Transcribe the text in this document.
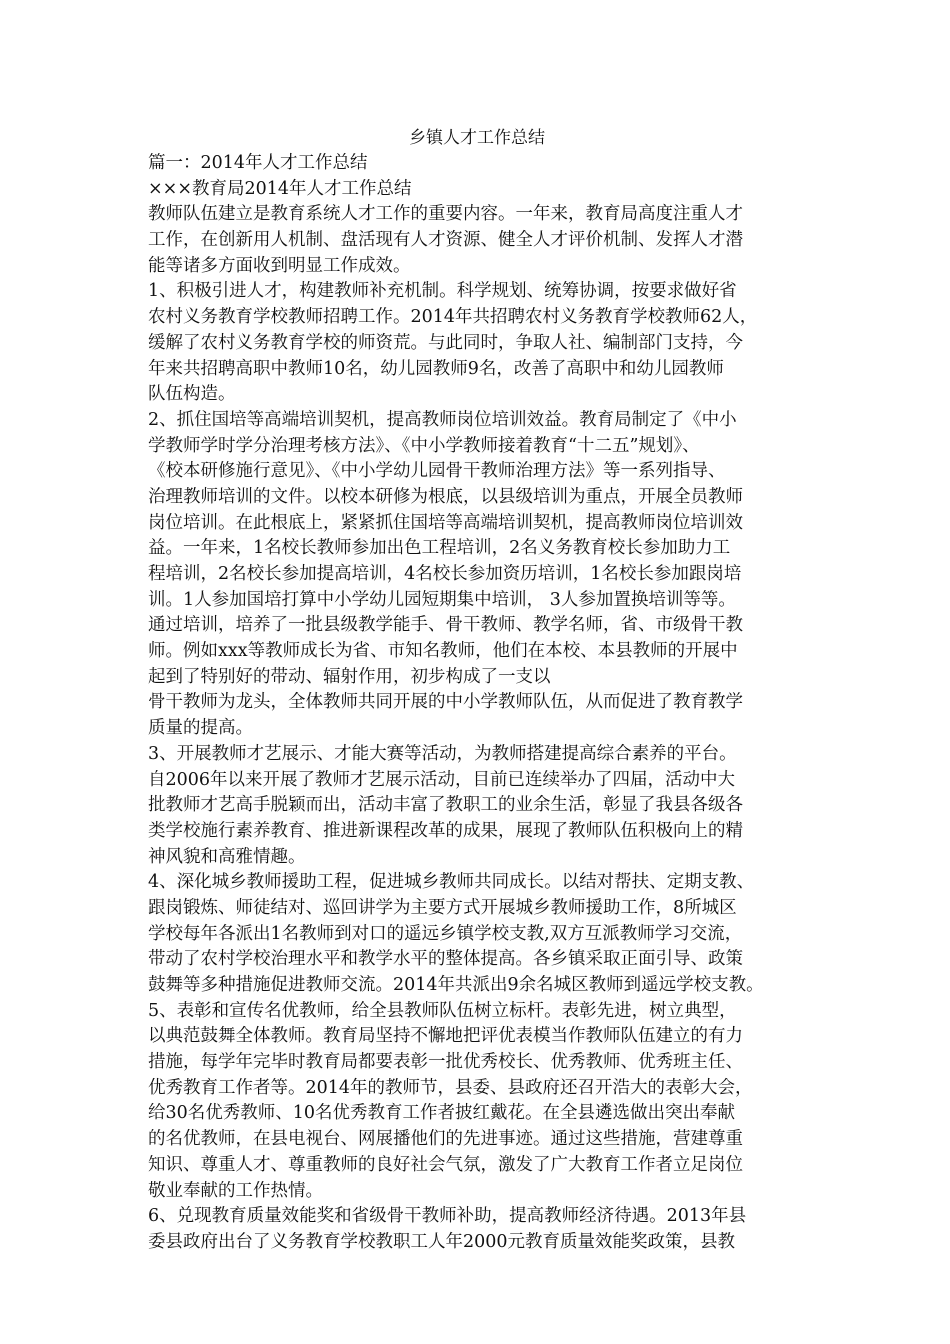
乡镇人才工作总结
篇一：2014年人才工作总结
×××教育局2014年人才工作总结
教师队伍建立是教育系统人才工作的重要内容。一年来，教育局高度注重人才
工作，在创新用人机制、盘活现有人才资源、健全人才评价机制、发挥人才潜
能等诸多方面收到明显工作成效。
1、积极引进人才，构建教师补充机制。科学规划、统筹协调，按要求做好省
农村义务教育学校教师招聘工作。2014年共招聘农村义务教育学校教师62人，
缓解了农村义务教育学校的师资荒。与此同时，争取人社、编制部门支持，今
年来共招聘高职中教师10名，幼儿园教师9名，改善了高职中和幼儿园教师
队伍构造。
2、抓住国培等高端培训契机，提高教师岗位培训效益。教育局制定了《中小
学教师学时学分治理考核方法》、《中小学教师接着教育“十二五”规划》、
《校本研修施行意见》、《中小学幼儿园骨干教师治理方法》等一系列指导、
治理教师培训的文件。以校本研修为根底，以县级培训为重点，开展全员教师
岗位培训。在此根底上，紧紧抓住国培等高端培训契机，提高教师岗位培训效
益。一年来，1名校长教师参加出色工程培训，2名义务教育校长参加助力工
程培训，2名校长参加提高培训，4名校长参加资历培训，1名校长参加跟岗培
训。1人参加国培打算中小学幼儿园短期集中培训， 3人参加置换培训等等。
通过培训，培养了一批县级教学能手、骨干教师、教学名师，省、市级骨干教
师。例如xxx等教师成长为省、市知名教师，他们在本校、本县教师的开展中
起到了特别好的带动、辐射作用，初步构成了一支以
骨干教师为龙头，全体教师共同开展的中小学教师队伍，从而促进了教育教学
质量的提高。
3、开展教师才艺展示、才能大赛等活动，为教师搭建提高综合素养的平台。
自2006年以来开展了教师才艺展示活动，目前已连续举办了四届，活动中大
批教师才艺高手脱颖而出，活动丰富了教职工的业余生活，彰显了我县各级各
类学校施行素养教育、推进新课程改革的成果，展现了教师队伍积极向上的精
神风貌和高雅情趣。
4、深化城乡教师援助工程，促进城乡教师共同成长。以结对帮扶、定期支教、
跟岗锻炼、师徒结对、巡回讲学为主要方式开展城乡教师援助工作，8所城区
学校每年各派出1名教师到对口的遥远乡镇学校支教,双方互派教师学习交流，
带动了农村学校治理水平和教学水平的整体提高。各乡镇采取正面引导、政策
鼓舞等多种措施促进教师交流。2014年共派出9余名城区教师到遥远学校支教。
5、表彰和宣传名优教师，给全县教师队伍树立标杆。表彰先进，树立典型，
以典范鼓舞全体教师。教育局坚持不懈地把评优表模当作教师队伍建立的有力
措施，每学年完毕时教育局都要表彰一批优秀校长、优秀教师、优秀班主任、
优秀教育工作者等。2014年的教师节，县委、县政府还召开浩大的表彰大会，
给30名优秀教师、10名优秀教育工作者披红戴花。在全县遴选做出突出奉献
的名优教师，在县电视台、网展播他们的先进事迹。通过这些措施，营建尊重
知识、尊重人才、尊重教师的良好社会气氛，激发了广大教育工作者立足岗位
敬业奉献的工作热情。
6、兑现教育质量效能奖和省级骨干教师补助，提高教师经济待遇。2013年县
委县政府出台了义务教育学校教职工人年2000元教育质量效能奖政策，县教
